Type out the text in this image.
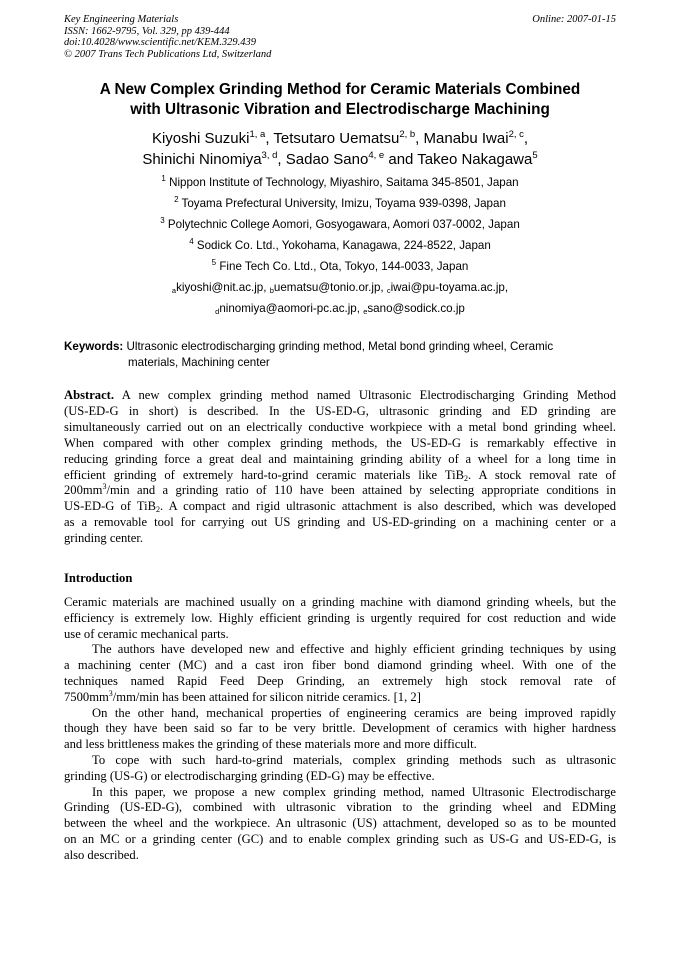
Key Engineering Materials
ISSN: 1662-9795, Vol. 329, pp 439-444
doi:10.4028/www.scientific.net/KEM.329.439
© 2007 Trans Tech Publications Ltd, Switzerland
Online: 2007-01-15
A New Complex Grinding Method for Ceramic Materials Combined
with Ultrasonic Vibration and Electrodischarge Machining
Kiyoshi Suzuki$^{1, a}$, Tetsutaro Uematsu$^{2, b}$, Manabu Iwai$^{2, c}$,
Shinichi Ninomiya$^{3, d}$, Sadao Sano$^{4, e}$ and Takeo Nakagawa$^5$
$^1$ Nippon Institute of Technology, Miyashiro, Saitama 345-8501, Japan
$^2$ Toyama Prefectural University, Imizu, Toyama 939-0398, Japan
$^3$ Polytechnic College Aomori, Gosyogawara, Aomori 037-0002, Japan
$^4$ Sodick Co. Ltd., Yokohama, Kanagawa, 224-8522, Japan
$^5$ Fine Tech Co. Ltd., Ota, Tokyo, 144-0033, Japan
$_a$kiyoshi@nit.ac.jp, $_b$uematsu@tonio.or.jp, $_c$iwai@pu-toyama.ac.jp,
$_d$ninomiya@aomori-pc.ac.jp, $_e$sano@sodick.co.jp
Keywords: Ultrasonic electrodischarging grinding method, Metal bond grinding wheel, Ceramic
materials, Machining center
Abstract. A new complex grinding method named Ultrasonic Electrodischarging Grinding Method
(US-ED-G in short) is described. In the US-ED-G, ultrasonic grinding and ED grinding are
simultaneously carried out on an electrically conductive workpiece with a metal bond grinding wheel.
When compared with other complex grinding methods, the US-ED-G is remarkably effective in
reducing grinding force a great deal and maintaining grinding ability of a wheel for a long time in
efficient grinding of extremely hard-to-grind ceramic materials like TiB$_2$. A stock removal rate of
$200mm^3/\min$ and a grinding ratio of 110 have been attained by selecting appropriate conditions in
US-ED-G of TiB$_2$. A compact and rigid ultrasonic attachment is also described, which was developed
as a removable tool for carrying out US grinding and US-ED-grinding on a machining center or a
grinding center.
Introduction
Ceramic materials are machined usually on a grinding machine with diamond grinding wheels, but the
efficiency is extremely low. Highly efficient grinding is urgently required for cost reduction and wide
use of ceramic mechanical parts.
The authors have developed new and effective and highly efficient grinding techniques by using
a machining center (MC) and a cast iron fiber bond diamond grinding wheel. With one of the
techniques named Rapid Feed Deep Grinding, an extremely high stock removal rate of
$7500mm^3/mm/\min$ has been attained for silicon nitride ceramics. [1, 2]
On the other hand, mechanical properties of engineering ceramics are being improved rapidly
though they have been said so far to be very brittle. Development of ceramics with higher hardness
and less brittleness makes the grinding of these materials more and more difficult.
To cope with such hard-to-grind materials, complex grinding methods such as ultrasonic
grinding (US-G) or electrodischarging grinding (ED-G) may be effective.
In this paper, we propose a new complex grinding method, named Ultrasonic Electrodischarge
Grinding (US-ED-G), combined with ultrasonic vibration to the grinding wheel and EDMing
between the wheel and the workpiece. An ultrasonic (US) attachment, developed so as to be mounted
on an MC or a grinding center (GC) and to enable complex grinding such as US-G and US-ED-G, is
also described.
